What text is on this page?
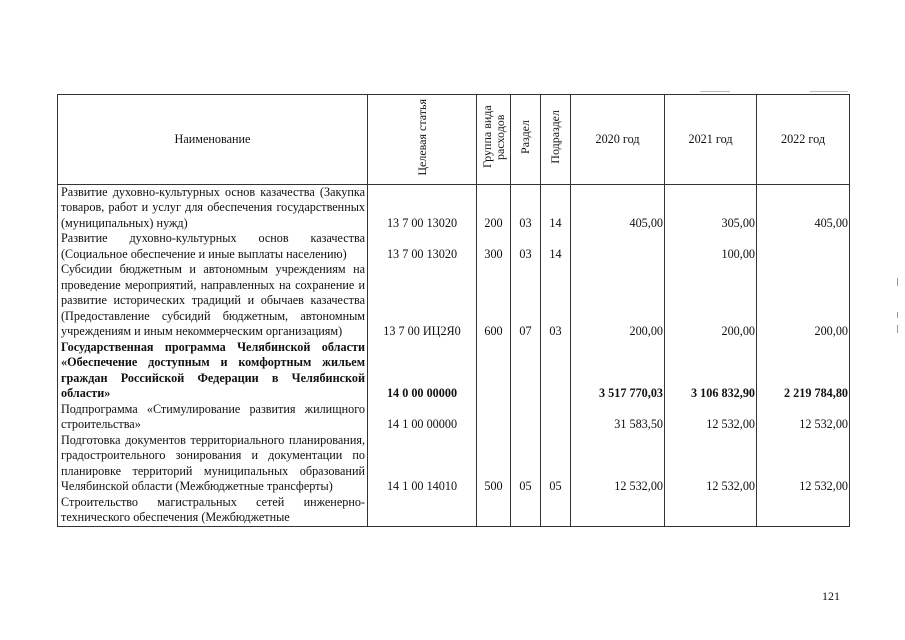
Наименование	Целевая статья	Группа вида расходов	Раздел	Подраздел	2020 год	2021 год	2022 год

Развитие духовно-культурных основ казачества (Закупка товаров, работ и услуг для обеспечения государственных (муниципальных) нужд)	13 7 00 13020	200	03	14	405,00	305,00	405,00

Развитие духовно-культурных основ казачества (Социальное обеспечение и иные выплаты населению)	13 7 00 13020	300	03	14		100,00	

Субсидии бюджетным и автономным учреждениям на проведение мероприятий, направленных на сохранение и развитие исторических традиций и обычаев казачества (Предоставление субсидий бюджетным, автономным учреждениям и иным некоммерческим организациям)	13 7 00 ИЦ2Я0	600	07	03	200,00	200,00	200,00

Государственная программа Челябинской области «Обеспечение доступным и комфортным жильем граждан Российской Федерации в Челябинской области»	14 0 00 00000				3 517 770,03	3 106 832,90	2 219 784,80

Подпрограмма «Стимулирование развития жилищного строительства»	14 1 00 00000				31 583,50	12 532,00	12 532,00

Подготовка документов территориального планирования, градостроительного зонирования и документации по планировке территорий муниципальных образований Челябинской области (Межбюджетные трансферты)	14 1 00 14010	500	05	05	12 532,00	12 532,00	12 532,00

Строительство магистральных сетей инженерно-технического обеспечения (Межбюджетные							

121
